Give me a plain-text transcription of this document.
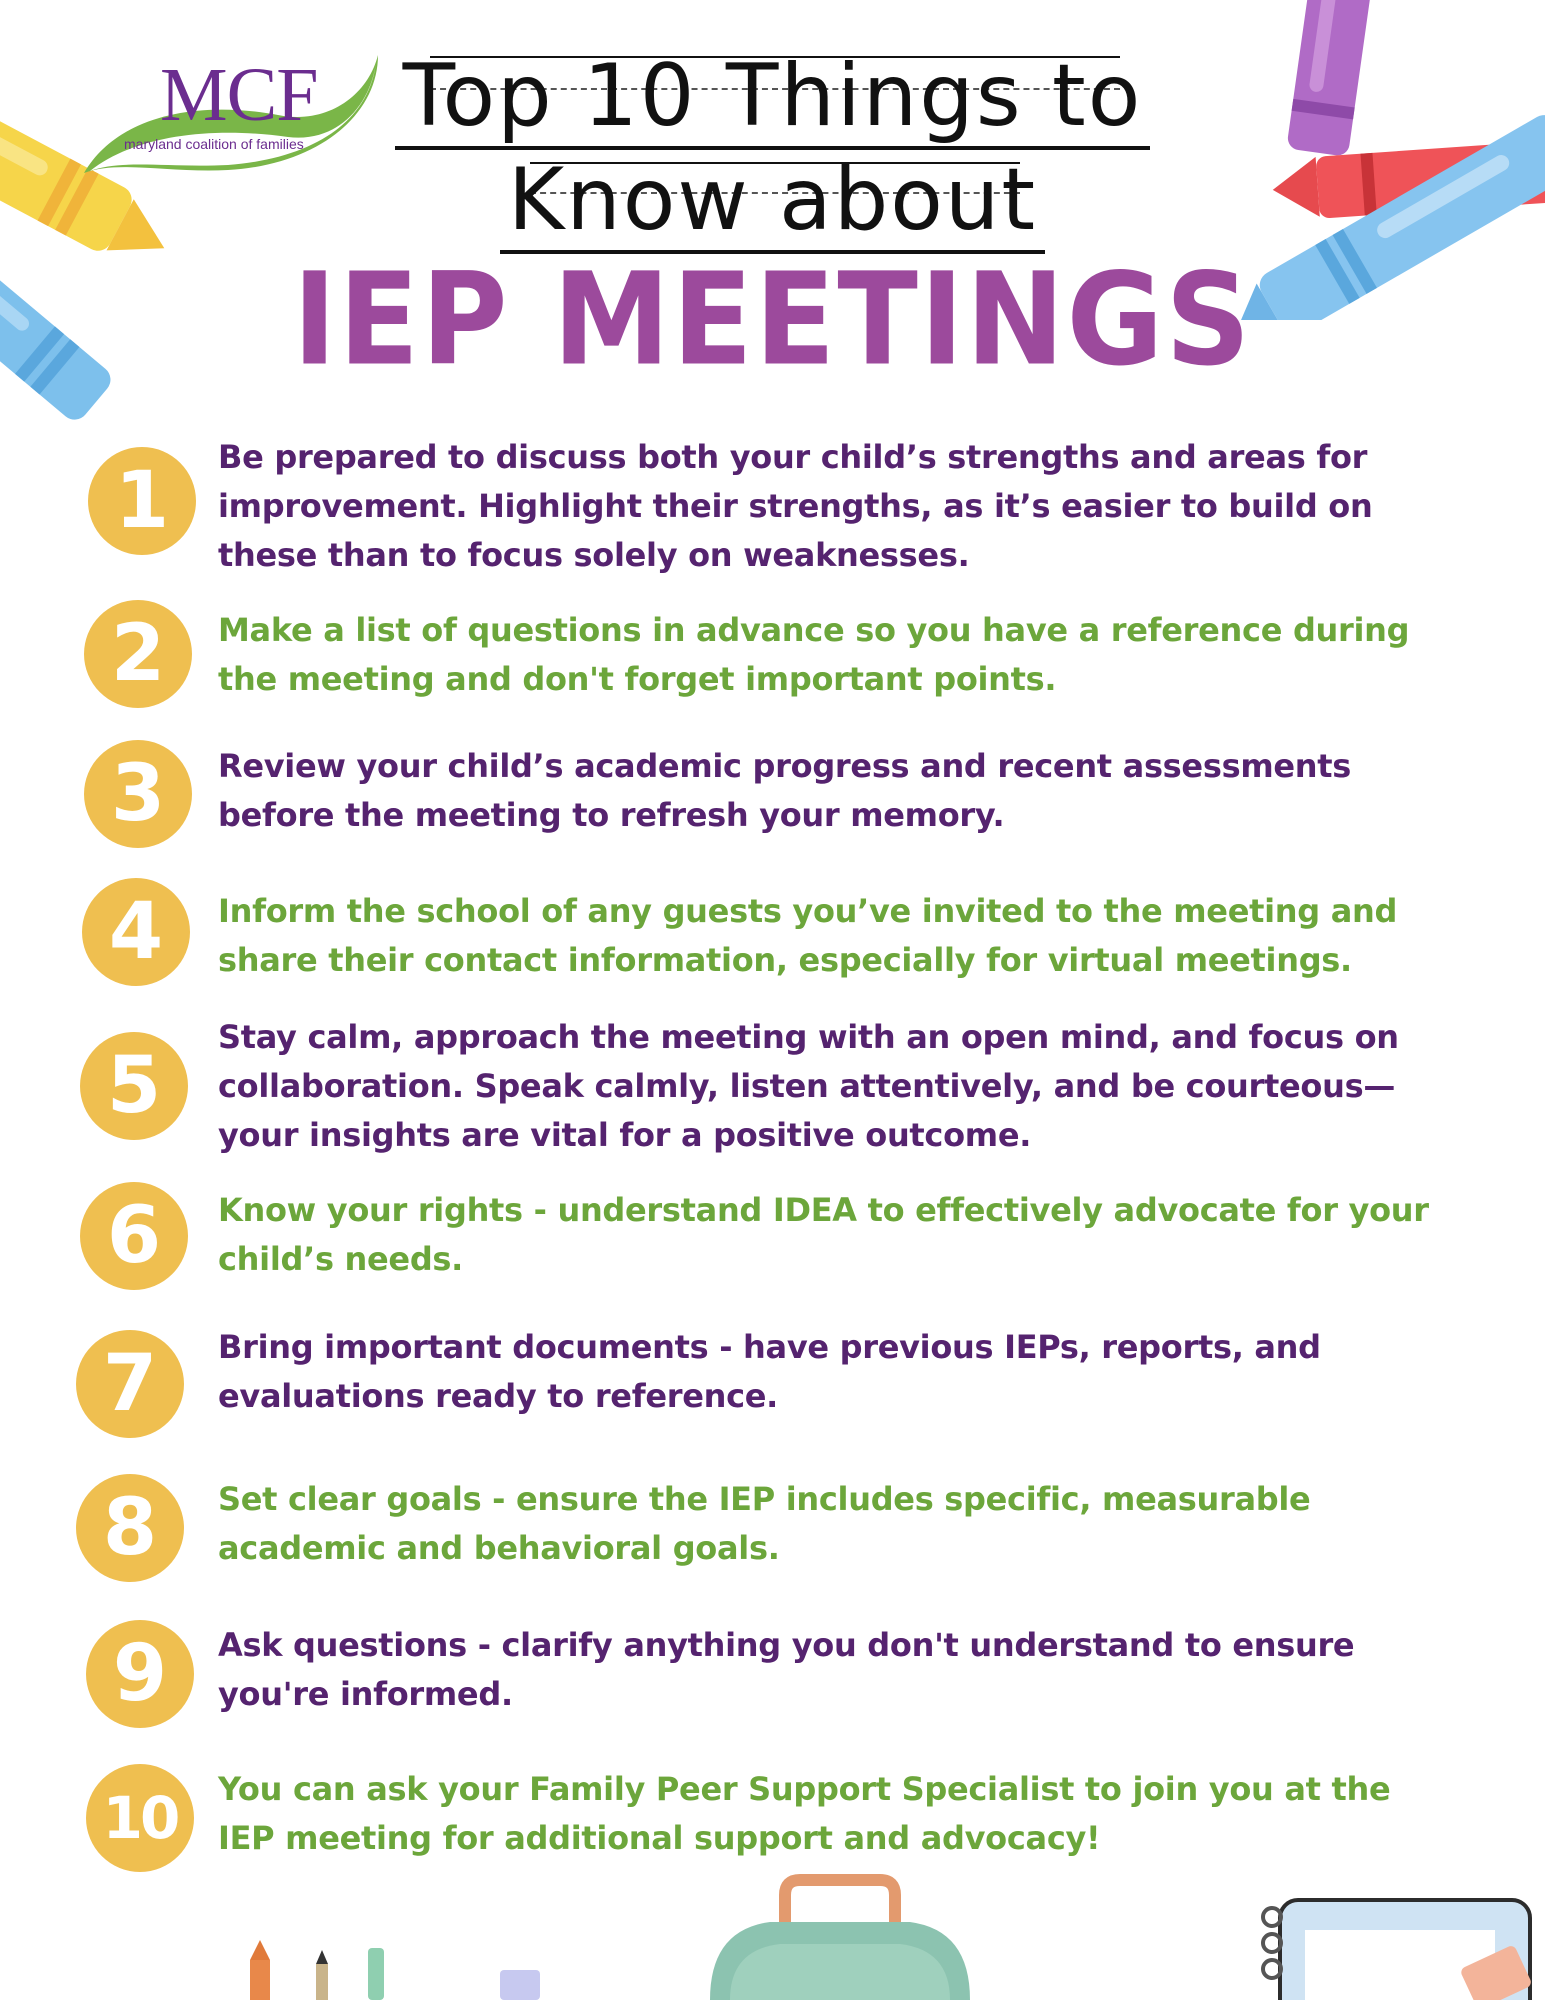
MCF
maryland coalition of families	Top 10 Things to
Know about
IEP MEETINGS
1	Be prepared to discuss both your child’s strengths and areas for improvement. Highlight their strengths, as it’s easier to build on these than to focus solely on weaknesses.
2	Make a list of questions in advance so you have a reference during the meeting and don't forget important points.
3	Review your child’s academic progress and recent assessments before the meeting to refresh your memory.
4	Inform the school of any guests you’ve invited to the meeting and share their contact information, especially for virtual meetings.
5
Stay calm, approach the meeting with an open mind, and focus on collaboration. Speak calmly, listen attentively, and be courteous—your insights are vital for a positive outcome.
6	Know your rights - understand IDEA to effectively advocate for your child’s needs.
7	Bring important documents - have previous IEPs, reports, and evaluations ready to reference.
8	Set clear goals - ensure the IEP includes specific, measurable academic and behavioral goals.
9	Ask questions - clarify anything you don't understand to ensure you're informed.
10	You can ask your Family Peer Support Specialist to join you at the IEP meeting for additional support and advocacy!
